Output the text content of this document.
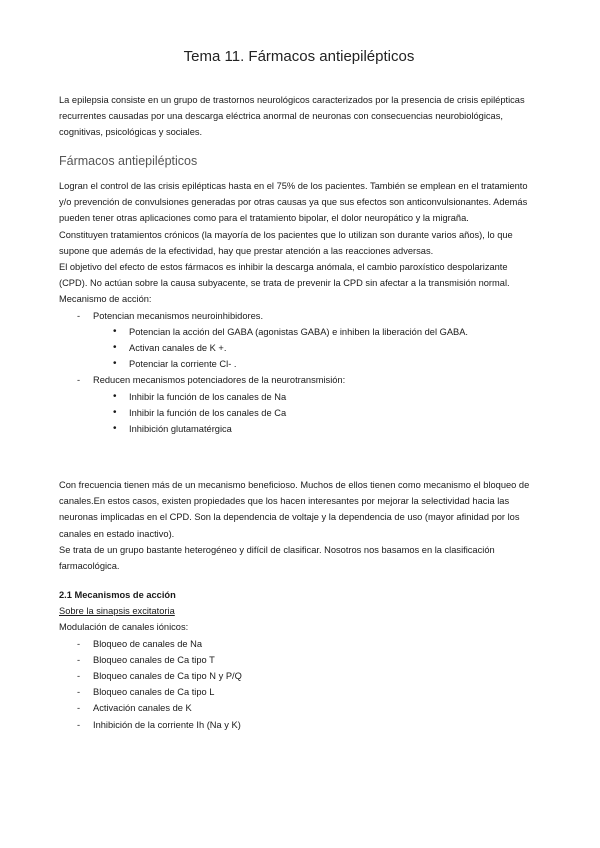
Tema 11. Fármacos antiepilépticos

La epilepsia consiste en un grupo de trastornos neurológicos caracterizados por la presencia de crisis epilépticas recurrentes causadas por una descarga eléctrica anormal de neuronas con consecuencias neurobiológicas, cognitivas, psicológicas y sociales.

Fármacos antiepilépticos

Logran el control de las crisis epilépticas hasta en el 75% de los pacientes. También se emplean en el tratamiento y/o prevención de convulsiones generadas por otras causas ya que sus efectos son anticonvulsionantes. Además pueden tener otras aplicaciones como para el tratamiento bipolar, el dolor neuropático y la migraña.

Constituyen tratamientos crónicos (la mayoría de los pacientes que lo utilizan son durante varios años), lo que supone que además de la efectividad, hay que prestar atención a las reacciones adversas.

El objetivo del efecto de estos fármacos es inhibir la descarga anómala, el cambio paroxístico despolarizante (CPD). No actúan sobre la causa subyacente, se trata de prevenir la CPD sin afectar a la transmisión normal.

Mecanismo de acción:

- Potencian mecanismos neuroinhibidores.
• Potencian la acción del GABA (agonistas GABA) e inhiben la liberación del GABA.
• Activan canales de K +.
• Potenciar la corriente Cl- .
- Reducen mecanismos potenciadores de la neurotransmisión:
• Inhibir la función de los canales de Na
• Inhibir la función de los canales de Ca
• Inhibición glutamatérgica

Con frecuencia tienen más de un mecanismo beneficioso. Muchos de ellos tienen como mecanismo el bloqueo de canales.En estos casos, existen propiedades que los hacen interesantes por mejorar la selectividad hacia las neuronas implicadas en el CPD. Son la dependencia de voltaje y la dependencia de uso (mayor afinidad por los canales en estado inactivo).

Se trata de un grupo bastante heterogéneo y difícil de clasificar. Nosotros nos basamos en la clasificación farmacológica.

2.1 Mecanismos de acción

Sobre la sinapsis excitatoria

Modulación de canales iónicos:

- Bloqueo de canales de Na
- Bloqueo canales de Ca tipo T
- Bloqueo canales de Ca tipo N y P/Q
- Bloqueo canales de Ca tipo L
- Activación canales de K
- Inhibición de la corriente Ih (Na y K)
